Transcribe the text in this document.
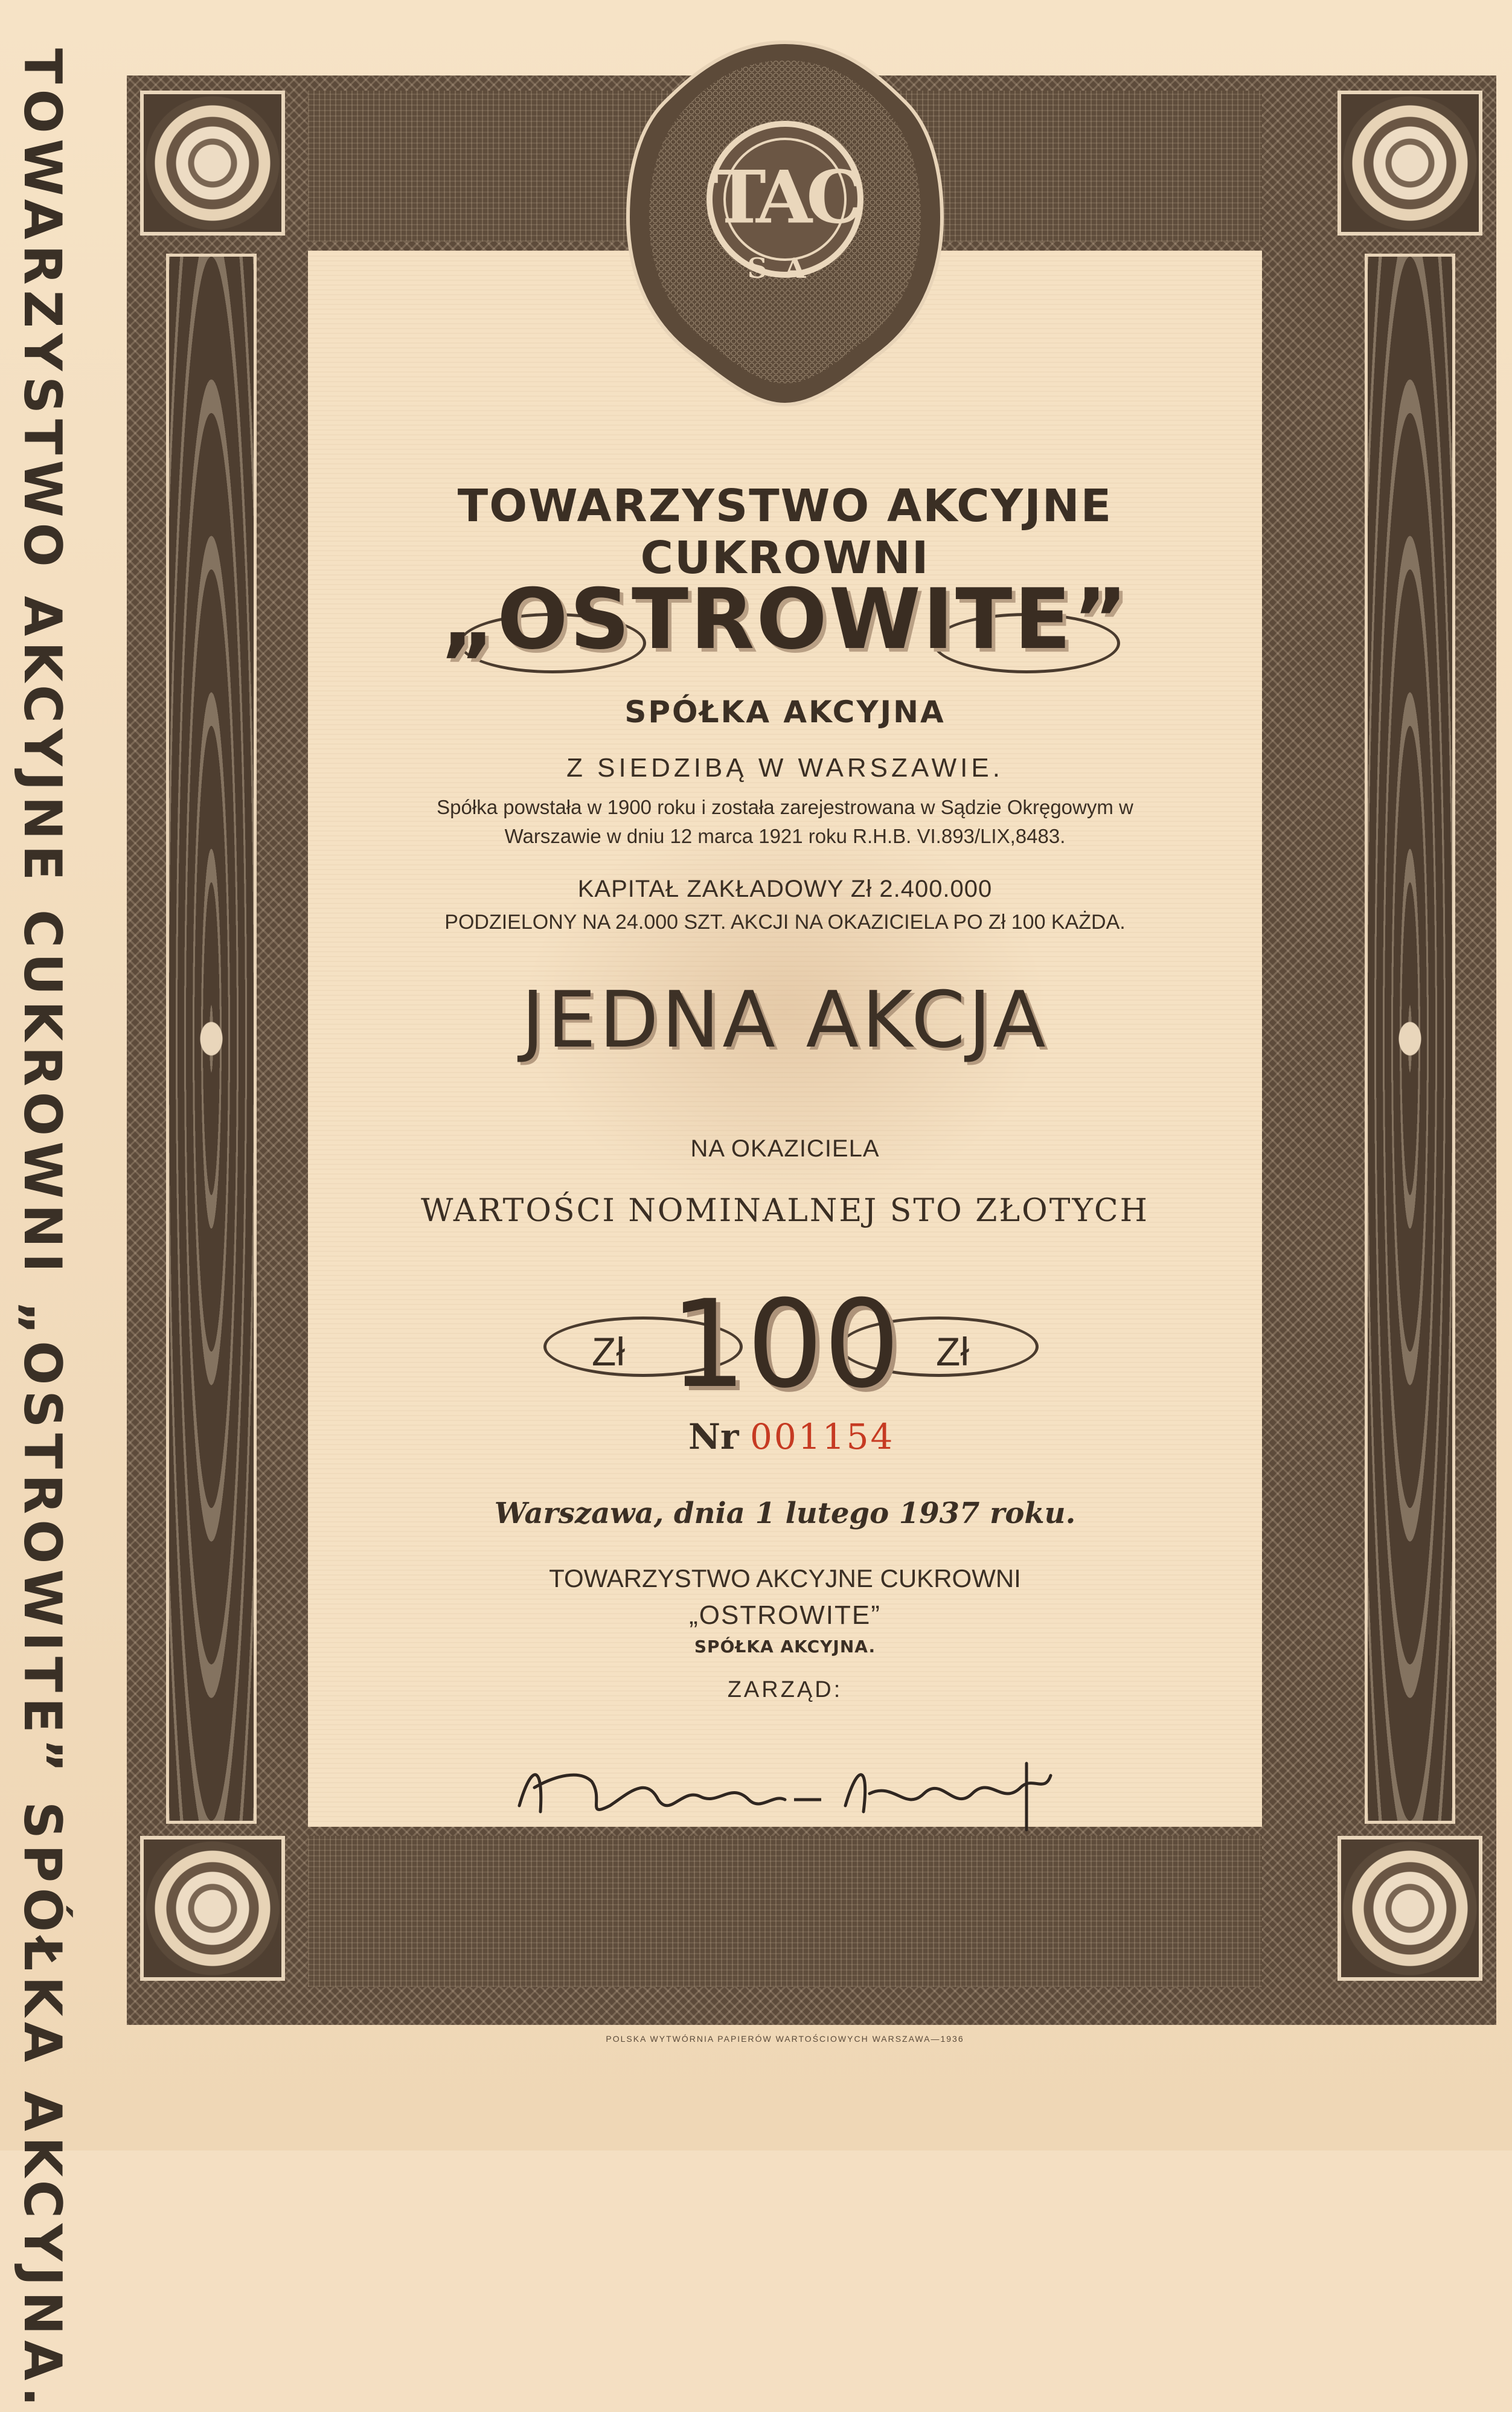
TOWARZYSTWO AKCYJNE CUKROWNI „OSTROWITE” SPÓŁKA AKCYJNA.	TAC
SA

TOWARZYSTWO AKCYJNE CUKROWNI

„OSTROWITE”

SPÓŁKA AKCYJNA

Z SIEDZIBĄ W WARSZAWIE.

Spółka powstała w 1900 roku i została zarejestrowana w Sądzie Okręgowym w Warszawie w dniu 12 marca 1921 roku R.H.B. VI.893/LIX,8483.

KAPITAŁ ZAKŁADOWY Zł 2.400.000

PODZIELONY NA 24.000 SZT. AKCJI NA OKAZICIELA PO Zł 100 KAŻDA.

JEDNA AKCJA

NA OKAZICIELA

WARTOŚCI NOMINALNEJ STO ZŁOTYCH

Zł 100 Zł
Nr 001154

Warszawa, dnia 1 lutego 1937 roku.

TOWARZYSTWO AKCYJNE CUKROWNI

„OSTROWITE”

SPÓŁKA AKCYJNA.

ZARZĄD:

POLSKA WYTWÓRNIA PAPIERÓW WARTOŚCIOWYCH WARSZAWA—1936
